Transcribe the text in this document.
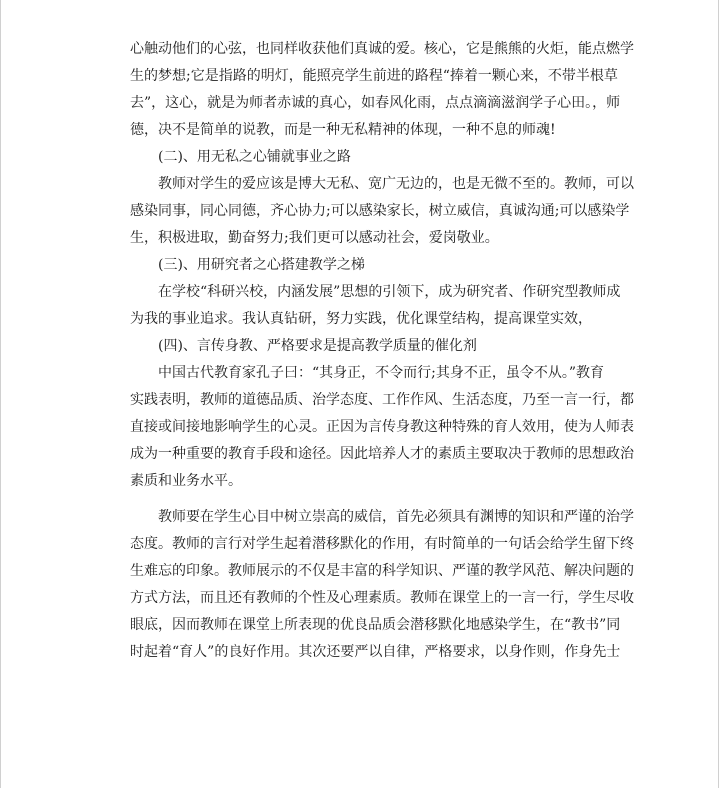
心触动他们的心弦，也同样收获他们真诚的爱。核心，它是熊熊的火炬，能点燃学
生的梦想;它是指路的明灯，能照亮学生前进的路程“捧着一颗心来，不带半根草
去”，这心，就是为师者赤诚的真心，如春风化雨，点点滴滴滋润学子心田。，师
德，决不是简单的说教，而是一种无私精神的体现，一种不息的师魂!
(二)、用无私之心铺就事业之路
教师对学生的爱应该是博大无私、宽广无边的，也是无微不至的。教师，可以
感染同事，同心同德，齐心协力;可以感染家长，树立威信，真诚沟通;可以感染学
生，积极进取，勤奋努力;我们更可以感动社会，爱岗敬业。
(三)、用研究者之心搭建教学之梯
在学校“科研兴校，内涵发展”思想的引领下，成为研究者、作研究型教师成
为我的事业追求。我认真钻研，努力实践，优化课堂结构，提高课堂实效，
(四)、言传身教、严格要求是提高教学质量的催化剂
中国古代教育家孔子曰：“其身正，不令而行;其身不正，虽令不从。”教育
实践表明，教师的道德品质、治学态度、工作作风、生活态度，乃至一言一行，都
直接或间接地影响学生的心灵。正因为言传身教这种特殊的育人效用，使为人师表
成为一种重要的教育手段和途径。因此培养人才的素质主要取决于教师的思想政治
素质和业务水平。
教师要在学生心目中树立崇高的威信，首先必须具有渊博的知识和严谨的治学
态度。教师的言行对学生起着潜移默化的作用，有时简单的一句话会给学生留下终
生难忘的印象。教师展示的不仅是丰富的科学知识、严谨的教学风范、解决问题的
方式方法，而且还有教师的个性及心理素质。教师在课堂上的一言一行，学生尽收
眼底，因而教师在课堂上所表现的优良品质会潜移默化地感染学生，在“教书”同
时起着“育人”的良好作用。其次还要严以自律，严格要求，以身作则，作身先士
